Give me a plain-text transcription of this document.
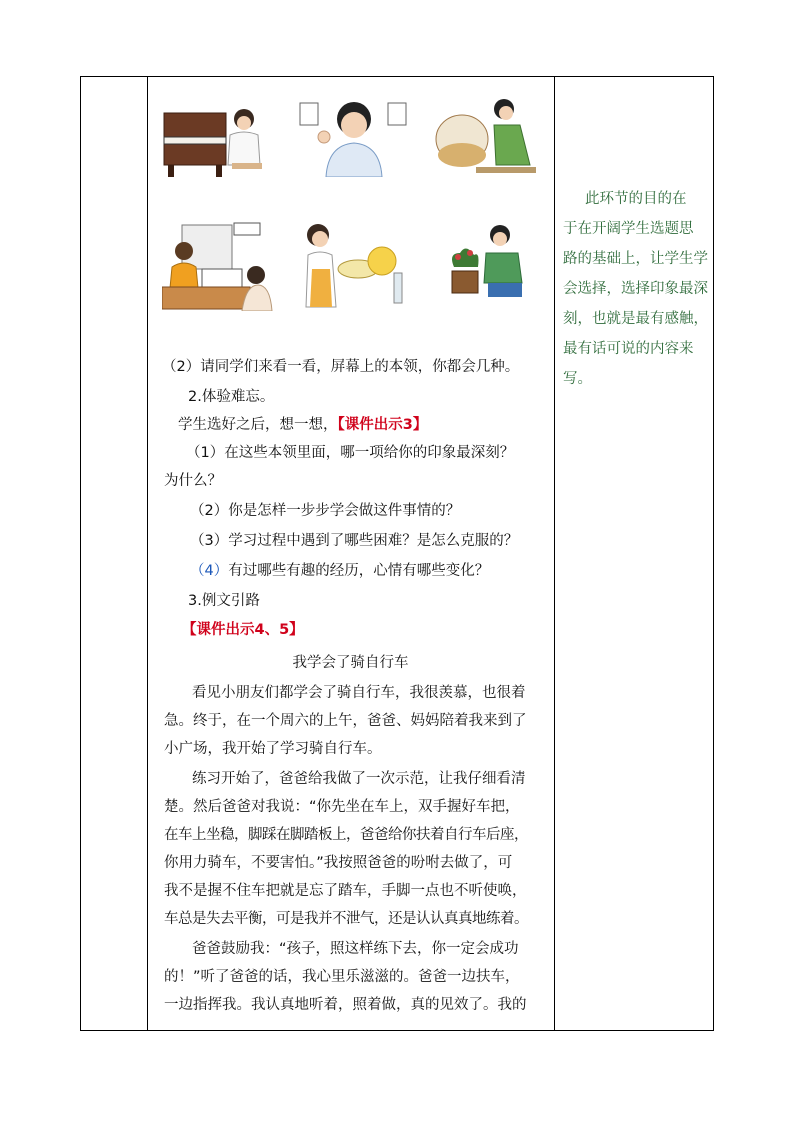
（2）请同学们来看一看，屏幕上的本领，你都会几种。
2.体验难忘。
学生选好之后，想一想，【课件出示3】
（1）在这些本领里面，哪一项给你的印象最深刻？
为什么？
（2）你是怎样一步步学会做这件事情的？
（3）学习过程中遇到了哪些困难？是怎么克服的？
（4）有过哪些有趣的经历，心情有哪些变化？
3.例文引路
【课件出示4、5】
我学会了骑自行车
看见小朋友们都学会了骑自行车，我很羡慕，也很着
急。终于，在一个周六的上午，爸爸、妈妈陪着我来到了
小广场，我开始了学习骑自行车。
练习开始了，爸爸给我做了一次示范，让我仔细看清
楚。然后爸爸对我说：“你先坐在车上，双手握好车把，
在车上坐稳，脚踩在脚踏板上，爸爸给你扶着自行车后座，
你用力骑车，不要害怕。”我按照爸爸的吩咐去做了，可
我不是握不住车把就是忘了踏车，手脚一点也不听使唤，
车总是失去平衡，可是我并不泄气，还是认认真真地练着。
爸爸鼓励我：“孩子，照这样练下去，你一定会成功
的！”听了爸爸的话，我心里乐滋滋的。爸爸一边扶车，
一边指挥我。我认真地听着，照着做，真的见效了。我的
此环节的目的在
于在开阔学生选题思
路的基础上，让学生学
会选择，选择印象最深
刻，也就是最有感触，
最有话可说的内容来
写。
